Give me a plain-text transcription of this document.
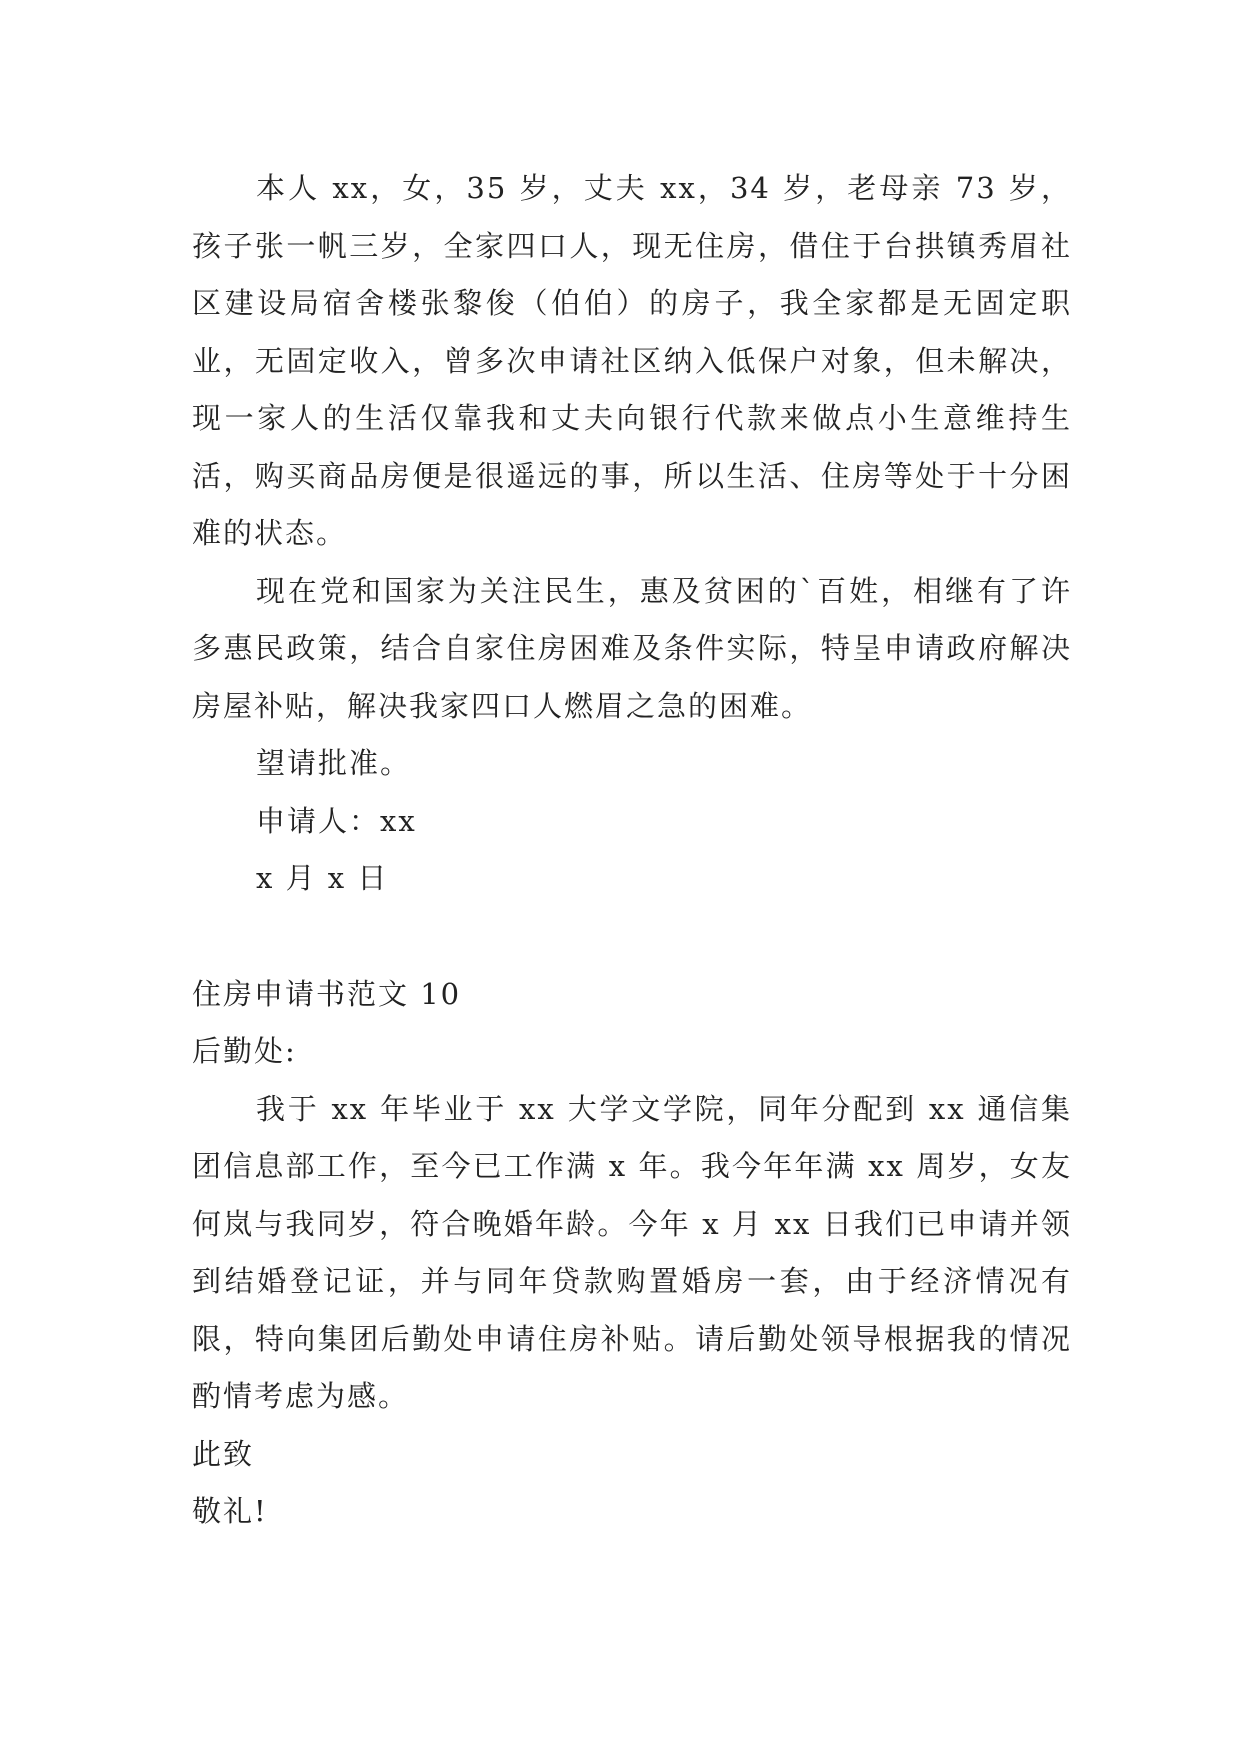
本人 xx，女，35 岁，丈夫 xx，34 岁，老母亲 73 岁，孩子张一帆三岁，全家四口人，现无住房，借住于台拱镇秀眉社区建设局宿舍楼张黎俊（伯伯）的房子，我全家都是无固定职业，无固定收入，曾多次申请社区纳入低保户对象，但未解决，现一家人的生活仅靠我和丈夫向银行代款来做点小生意维持生活，购买商品房便是很遥远的事，所以生活、住房等处于十分困难的状态。

现在党和国家为关注民生，惠及贫困的`百姓，相继有了许多惠民政策，结合自家住房困难及条件实际，特呈申请政府解决房屋补贴，解决我家四口人燃眉之急的困难。

望请批准。

申请人：xx

x 月 x 日

住房申请书范文 10

后勤处:

我于 xx 年毕业于 xx 大学文学院，同年分配到 xx 通信集团信息部工作，至今已工作满 x 年。我今年年满 xx 周岁，女友何岚与我同岁，符合晚婚年龄。今年 x 月 xx 日我们已申请并领到结婚登记证，并与同年贷款购置婚房一套，由于经济情况有限，特向集团后勤处申请住房补贴。请后勤处领导根据我的情况酌情考虑为感。

此致

敬礼!
